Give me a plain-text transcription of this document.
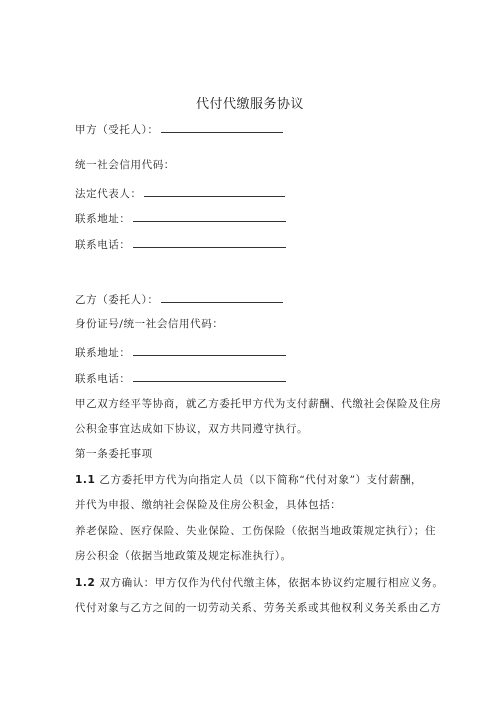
代付代缴服务协议
甲方（受托人）：
统一社会信用代码：
法定代表人：
联系地址：
联系电话：
乙方（委托人）：
身份证号/统一社会信用代码：
联系地址：
联系电话：
甲乙双方经平等协商，就乙方委托甲方代为支付薪酬、代缴社会保险及住房
公积金事宜达成如下协议，双方共同遵守执行。
第一条委托事项
1.1 乙方委托甲方代为向指定人员（以下简称“代付对象”）支付薪酬，
并代为申报、缴纳社会保险及住房公积金，具体包括：
养老保险、医疗保险、失业保险、工伤保险（依据当地政策规定执行）；住
房公积金（依据当地政策及规定标准执行）。
1.2 双方确认：甲方仅作为代付代缴主体，依据本协议约定履行相应义务。
代付对象与乙方之间的一切劳动关系、劳务关系或其他权利义务关系由乙方
